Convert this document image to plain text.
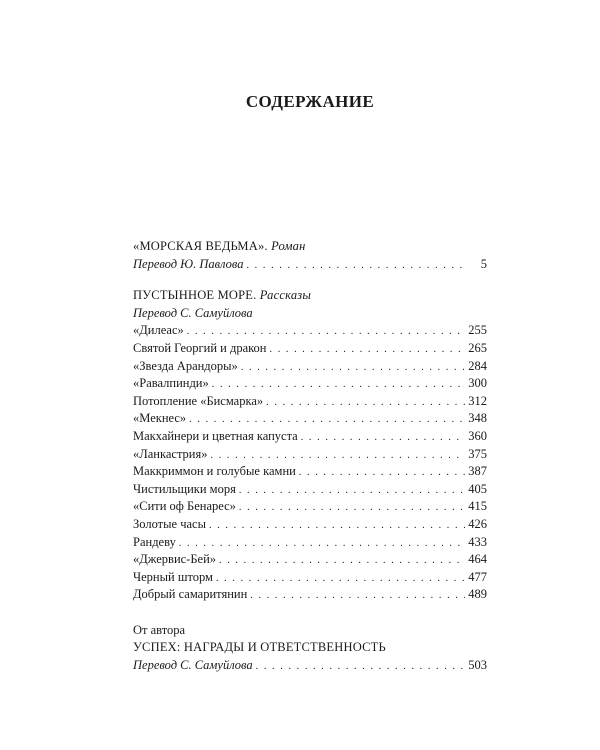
СОДЕРЖАНИЕ
«МОРСКАЯ ВЕДЬМА». Роман
Перевод Ю. Павлова . . .	5
ПУСТЫННОЕ МОРЕ. Рассказы
Перевод С. Самуйлова
«Дилеас» . . .	255
Святой Георгий и дракон . . .	265
«Звезда Арандоры» . . .	284
«Равалпинди» . . .	300
Потопление «Бисмарка» . . .	312
«Мекнес» . . .	348
Макхайнери и цветная капуста . . .	360
«Ланкастрия» . . .	375
Маккриммон и голубые камни . . .	387
Чистильщики моря . . .	405
«Сити оф Бенарес» . . .	415
Золотые часы . . .	426
Рандеву . . .	433
«Джервис-Бей» . . .	464
Черный шторм . . .	477
Добрый самаритянин . . .	489
От автора
УСПЕХ: НАГРАДЫ И ОТВЕТСТВЕННОСТЬ
Перевод С. Самуйлова . . .	503
